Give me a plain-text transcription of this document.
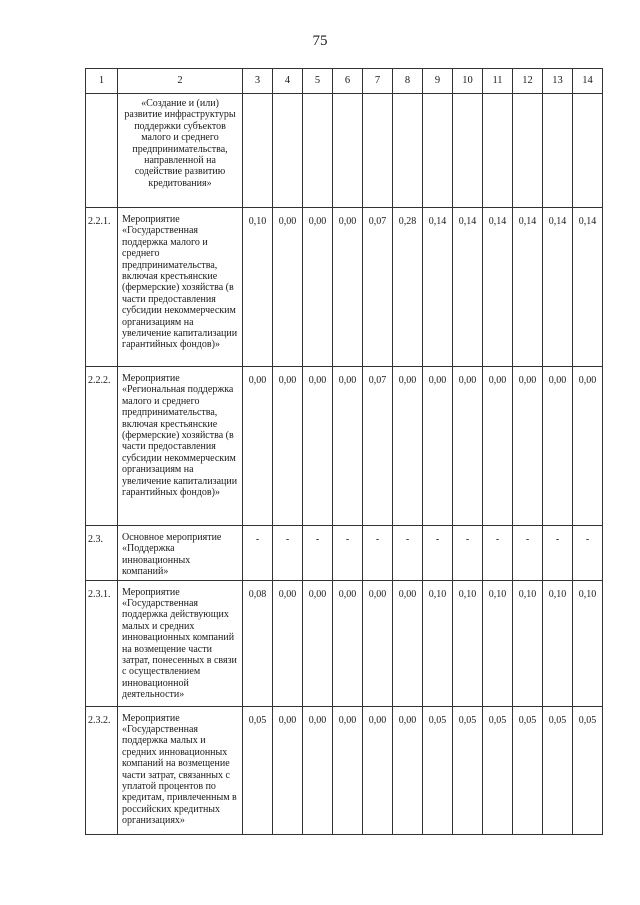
75
1	2	3	4	5	6	7	8	9	10	11	12	13	14
	«Создание и (или) развитие инфраструктуры поддержки субъектов малого и среднего предпринимательства, направленной на содействие развитию кредитования»												
2.2.1.	Мероприятие «Государственная поддержка малого и среднего предпринимательства, включая крестьянские (фермерские) хозяйства (в части предоставления субсидии некоммерческим организациям на увеличение капитализации гарантийных фондов)»	0,10	0,00	0,00	0,00	0,07	0,28	0,14	0,14	0,14	0,14	0,14	0,14
2.2.2.	Мероприятие «Региональная поддержка малого и среднего предпринимательства, включая крестьянские (фермерские) хозяйства (в части предоставления субсидии некоммерческим организациям на увеличение капитализации гарантийных фондов)»	0,00	0,00	0,00	0,00	0,07	0,00	0,00	0,00	0,00	0,00	0,00	0,00
2.3.	Основное мероприятие «Поддержка инновационных компаний»	-	-	-	-	-	-	-	-	-	-	-	-
2.3.1.	Мероприятие «Государственная поддержка действующих малых и средних инновационных компаний на возмещение части затрат, понесенных в связи с осуществлением инновационной деятельности»	0,08	0,00	0,00	0,00	0,00	0,00	0,10	0,10	0,10	0,10	0,10	0,10
2.3.2.	Мероприятие «Государственная поддержка малых и средних инновационных компаний на возмещение части затрат, связанных с уплатой процентов по кредитам, привлеченным в российских кредитных организациях»	0,05	0,00	0,00	0,00	0,00	0,00	0,05	0,05	0,05	0,05	0,05	0,05
